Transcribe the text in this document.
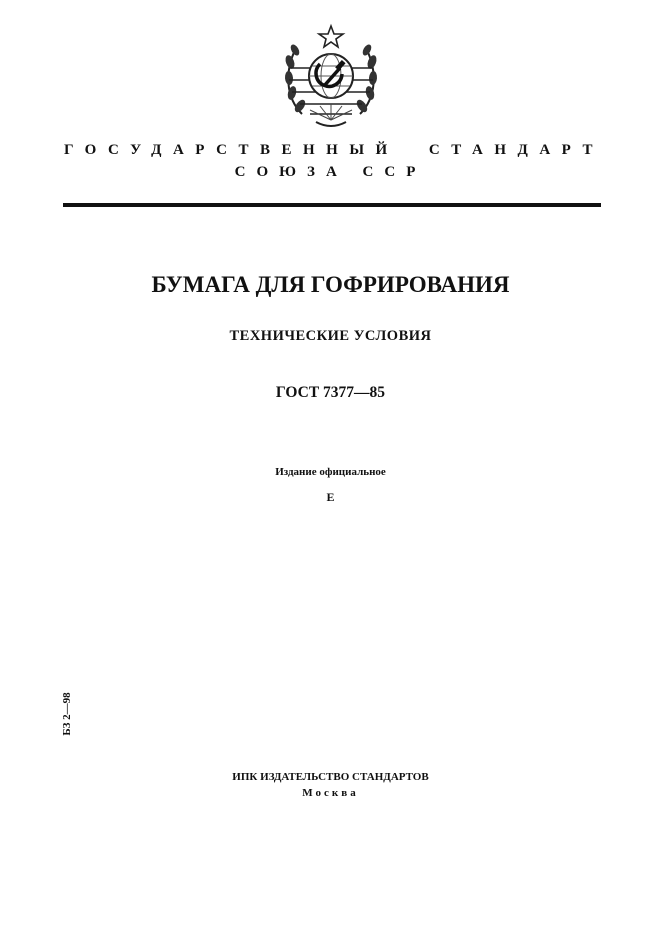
ГОСУДАРСТВЕННЫЙ СТАНДАРТ
СОЮЗА ССР
БУМАГА ДЛЯ ГОФРИРОВАНИЯ
ТЕХНИЧЕСКИЕ УСЛОВИЯ
ГОСТ 7377—85
Издание официальное
Е
БЗ 2—98
ИПК ИЗДАТЕЛЬСТВО СТАНДАРТОВ
Москва
